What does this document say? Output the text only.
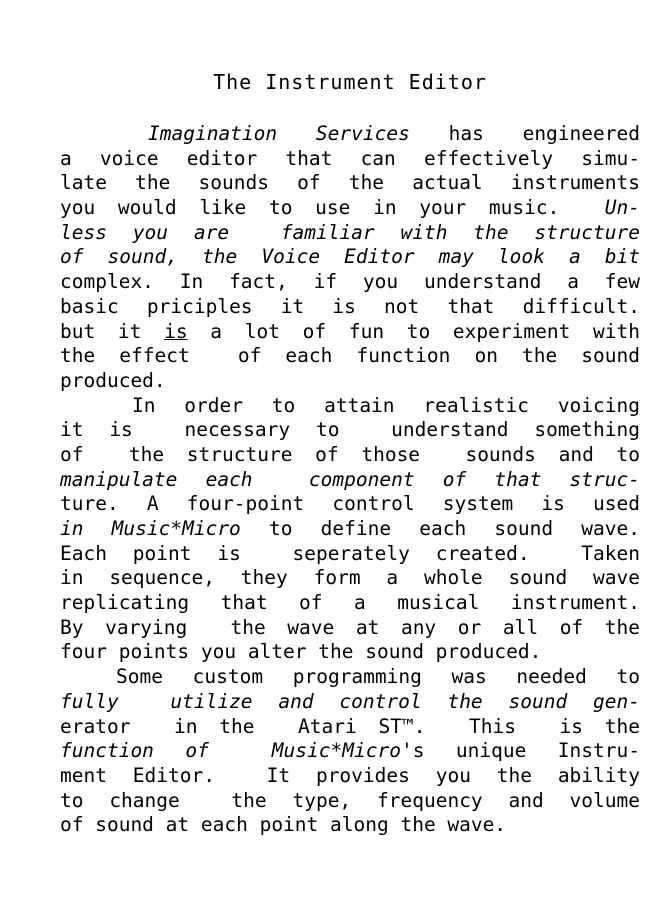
The Instrument Editor
Imagination Services has engineered
a voice editor that can effectively simu-
late the sounds of the actual instruments
you would like to use in your music.  Un-
less you are  familiar with the structure
of sound, the Voice Editor may look a bit
complex. In fact, if you understand a few
basic priciples it is not that difficult.
but it is a lot of fun to experiment with
the effect  of each function on the sound
produced.
In order to attain realistic voicing
it is  necessary to  understand something
of  the structure of those  sounds and to
manipulate each  component of that struc-
ture. A four-point control system is used
in Music*Micro to define each sound wave.
Each point is  seperately created.  Taken
in sequence, they form a whole sound wave
replicating that of a musical instrument.
By varying  the wave at any or all of the
four points you alter the sound produced.
Some custom programming was needed to
fully  utilize and control the sound gen-
erator  in the  Atari ST™.  This  is the
function of  Music*Micro's unique Instru-
ment Editor.  It provides you the ability
to change  the type, frequency and volume
of sound at each point along the wave.
